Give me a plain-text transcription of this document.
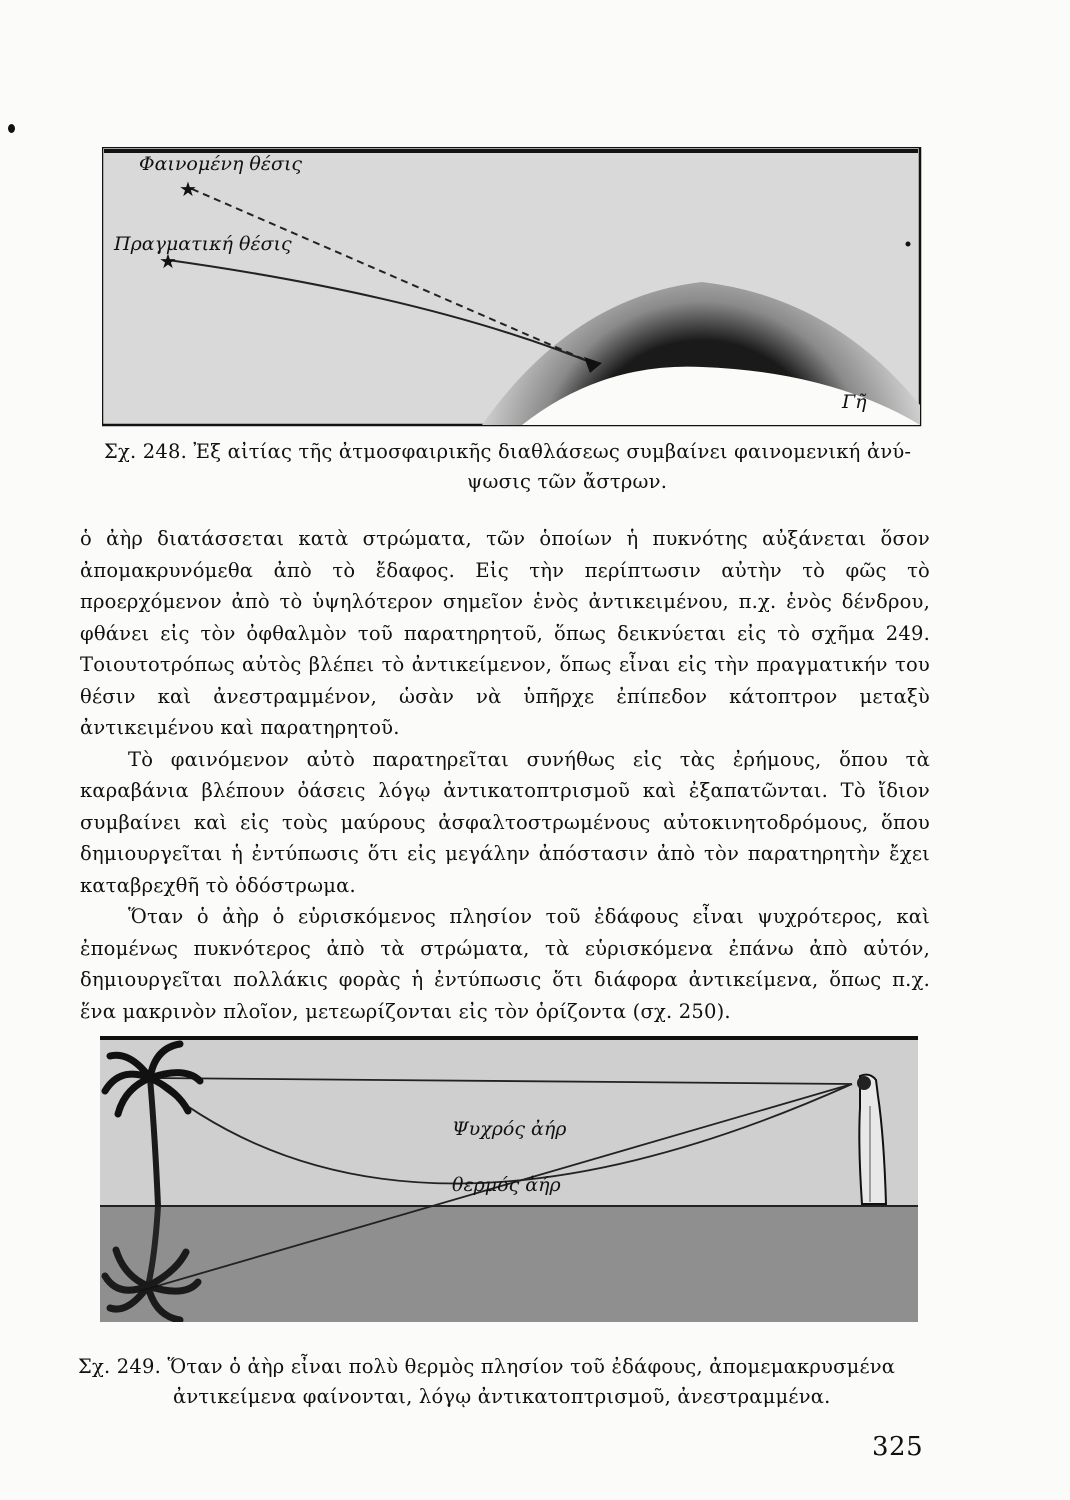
★
★
Φαινομένη θέσις
Πραγματική θέσις
Γῆ
Σχ. 248. Ἐξ αἰτίας τῆς ἀτμοσφαιρικῆς διαθλάσεως συμβαίνει φαινομενική ἀνύ-
ψωσις τῶν ἄστρων.

ὁ ἀὴρ διατάσσεται κατὰ στρώματα, τῶν ὁποίων ἡ πυκνότης αὐξάνεται ὅσον ἀπομακρυνόμεθα ἀπὸ τὸ ἔδαφος. Εἰς τὴν περίπτωσιν αὐτὴν τὸ φῶς τὸ προερχόμενον ἀπὸ τὸ ὑψηλότερον σημεῖον ἑνὸς ἀντικειμένου, π.χ. ἑνὸς δένδρου, φθάνει εἰς τὸν ὀφθαλμὸν τοῦ παρατηρητοῦ, ὅπως δεικνύεται εἰς τὸ σχῆμα 249. Τοιουτοτρόπως αὐτὸς βλέπει τὸ ἀντικείμενον, ὅπως εἶναι εἰς τὴν πραγματικήν του θέσιν καὶ ἀνεστραμμένον, ὡσὰν νὰ ὑπῆρχε ἐπίπεδον κάτοπτρον μεταξὺ ἀντικειμένου καὶ παρατηρητοῦ.

Τὸ φαινόμενον αὐτὸ παρατηρεῖται συνήθως εἰς τὰς ἐρήμους, ὅπου τὰ καραβάνια βλέπουν ὀάσεις λόγῳ ἀντικατοπτρισμοῦ καὶ ἐξαπατῶνται. Τὸ ἴδιον συμβαίνει καὶ εἰς τοὺς μαύρους ἀσφαλτοστρωμένους αὐτοκινητοδρόμους, ὅπου δημιουργεῖται ἡ ἐντύπωσις ὅτι εἰς μεγάλην ἀπόστασιν ἀπὸ τὸν παρατηρητὴν ἔχει καταβρεχθῆ τὸ ὁδόστρωμα.

Ὅταν ὁ ἀὴρ ὁ εὑρισκόμενος πλησίον τοῦ ἐδάφους εἶναι ψυχρότερος, καὶ ἐπομένως πυκνότερος ἀπὸ τὰ στρώματα, τὰ εὑρισκόμενα ἐπάνω ἀπὸ αὐτόν, δημιουργεῖται πολλάκις φορὰς ἡ ἐντύπωσις ὅτι διάφορα ἀντικείμενα, ὅπως π.χ. ἕνα μακρινὸν πλοῖον, μετεωρίζονται εἰς τὸν ὁρίζοντα (σχ. 250).

Ψυχρός ἀήρ
θερμός ἀήρ
Σχ. 249. Ὅταν ὁ ἀὴρ εἶναι πολὺ θερμὸς πλησίον τοῦ ἐδάφους, ἀπομεμακρυσμένα
ἀντικείμενα φαίνονται, λόγῳ ἀντικατοπτρισμοῦ, ἀνεστραμμένα.
325
